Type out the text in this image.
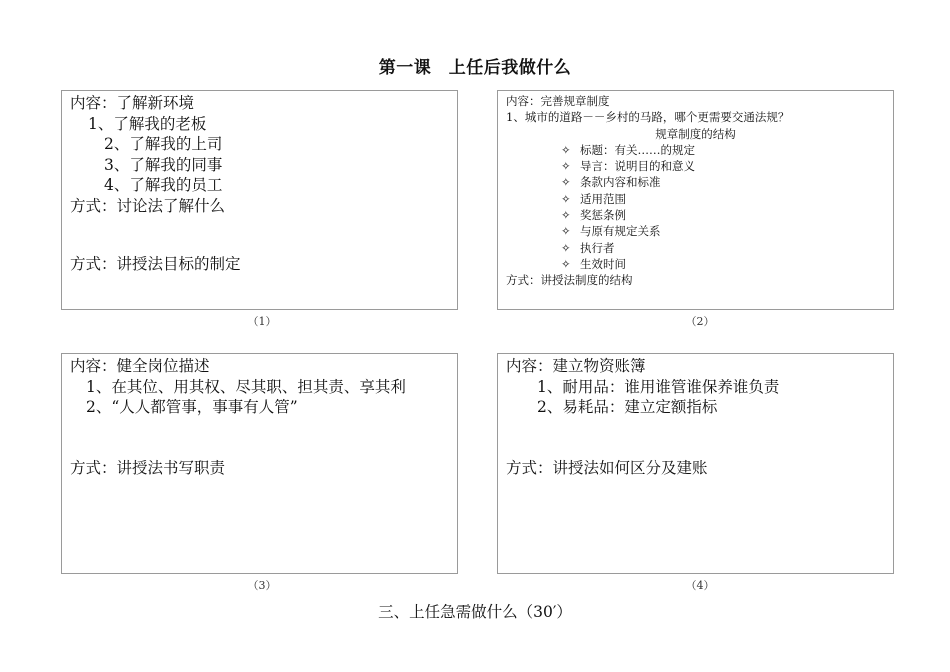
第一课　上任后我做什么
内容：了解新环境
1、了解我的老板
2、了解我的上司
3、了解我的同事
4、了解我的员工
方式：讨论法了解什么
方式：讲授法目标的制定
（1）
内容：完善规章制度
1、城市的道路－－乡村的马路，哪个更需要交通法规？
规章制度的结构
✧ 标题：有关……的规定
✧ 导言：说明目的和意义
✧ 条款内容和标准
✧ 适用范围
✧ 奖惩条例
✧ 与原有规定关系
✧ 执行者
✧ 生效时间
方式：讲授法制度的结构
（2）
内容：健全岗位描述
1、在其位、用其权、尽其职、担其责、享其利
2、“人人都管事，事事有人管”
方式：讲授法书写职责
（3）
内容：建立物资账簿
1、耐用品：谁用谁管谁保养谁负责
2、易耗品：建立定额指标
方式：讲授法如何区分及建账
（4）
三、上任急需做什么（30′）
